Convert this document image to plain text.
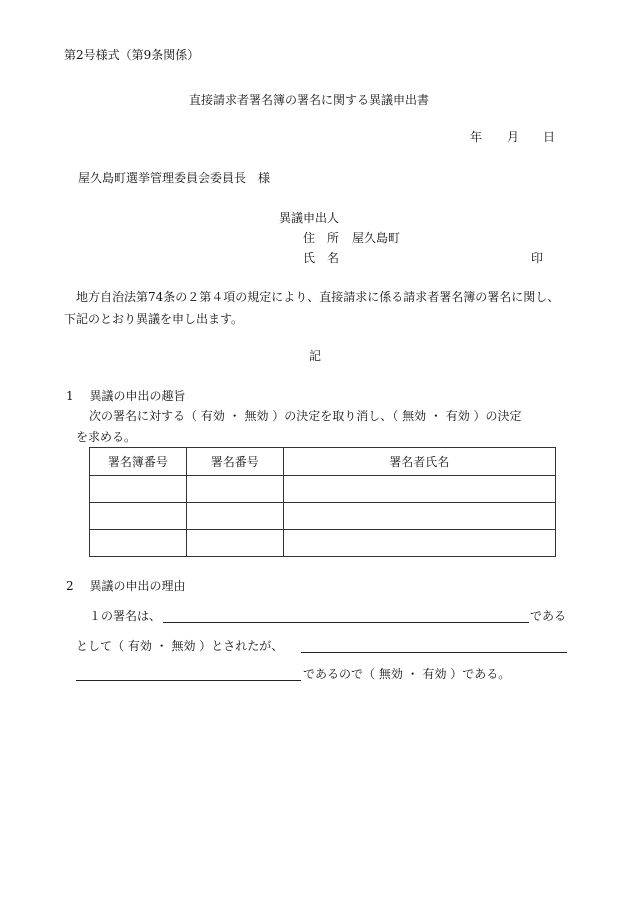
第2号様式（第9条関係）
直接請求者署名簿の署名に関する異議申出書
年 月 日
屋久島町選挙管理委員会委員長　様
異議申出人
住　所 屋久島町
氏　名	印
地方自治法第74条の２第４項の規定により、直接請求に係る請求者署名簿の署名に関し、
下記のとおり異議を申し出ます。
記
1　 異議の申出の趣旨
次の署名に対する（ 有効 ・ 無効 ）の決定を取り消し、（ 無効 ・ 有効 ）の決定
を求める。
署名簿番号	署名番号	署名者氏名

2　 異議の申出の理由
１の署名は、	である
として（ 有効 ・ 無効 ）とされたが、
であるので（ 無効 ・ 有効 ）である。
